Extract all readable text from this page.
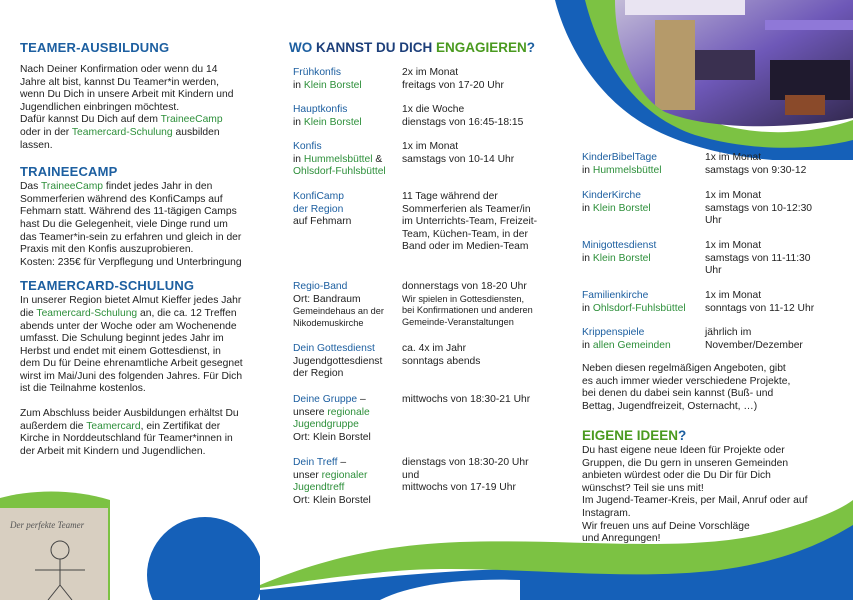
Der perfekte Teamer

TEAMER-AUSBILDUNG

Nach Deiner Konfirmation oder wenn du 14

Jahre alt bist, kannst Du Teamer*in werden,

wenn Du Dich in unsere Arbeit mit Kindern und

Jugendlichen einbringen möchtest.

Dafür kannst Du Dich auf dem TraineeCamp

oder in der Teamercard-Schulung ausbilden

lassen.

TRAINEECAMP

Das TraineeCamp findet jedes Jahr in den

Sommerferien während des KonfiCamps auf

Fehmarn statt. Während des 11-tägigen Camps

hast Du die Gelegenheit, viele Dinge rund um

das Teamer*in-sein zu erfahren und gleich in der

Praxis mit den Konfis auszuprobieren.

Kosten: 235€ für Verpflegung und Unterbringung

TEAMERCARD-SCHULUNG

In unserer Region bietet Almut Kieffer jedes Jahr

die Teamercard-Schulung an, die ca. 12 Treffen

abends unter der Woche oder am Wochenende

umfasst. Die Schulung beginnt jedes Jahr im

Herbst und endet mit einem Gottesdienst, in

dem Du für Deine ehrenamtliche Arbeit gesegnet

wirst im Mai/Juni des folgenden Jahres. Für Dich

ist die Teilnahme kostenlos.

Zum Abschluss beider Ausbildungen erhältst Du

außerdem die Teamercard, ein Zertifikat der

Kirche in Norddeutschland für Teamer*innen in

der Arbeit mit Kindern und Jugendlichen.

WO KANNST DU DICH ENGAGIEREN?
Frühkonfis
in Klein Borstel
2x im Monat
freitags von 17-20 Uhr
Hauptkonfis
in Klein Borstel
1x die Woche
dienstags von 16:45-18:15
Konfis
in Hummelsbüttel &
Ohlsdorf-Fuhlsbüttel
1x im Monat
samstags von 10-14 Uhr
KonfiCamp
der Region
auf Fehmarn
11 Tage während der
Sommerferien als Teamer/in
im Unterrichts-Team, Freizeit-
Team, Küchen-Team, in der
Band oder im Medien-Team
Regio-Band
Ort: Bandraum
Gemeindehaus an der
Nikodemuskirche
donnerstags von 18-20 Uhr
Wir spielen in Gottesdiensten,
bei Konfirmationen und anderen
Gemeinde-Veranstaltungen
Dein Gottesdienst
Jugendgottesdienst
der Region
ca. 4x im Jahr
sonntags abends
Deine Gruppe –
unsere regionale
Jugendgruppe
Ort: Klein Borstel
mittwochs von 18:30-21 Uhr
Dein Treff –
unser regionaler
Jugendtreff
Ort: Klein Borstel
dienstags von 18:30-20 Uhr
und
mittwochs von 17-19 Uhr
KinderBibelTage
in Hummelsbüttel
1x im Monat
samstags von 9:30-12
KinderKirche
in Klein Borstel
1x im Monat
samstags von 10-12:30
Uhr
Minigottesdienst
in Klein Borstel
1x im Monat
samstags von 11-11:30
Uhr
Familienkirche
in Ohlsdorf-Fuhlsbüttel
1x im Monat
sonntags von 11-12 Uhr
Krippenspiele
in allen Gemeinden
jährlich im
November/Dezember

Neben diesen regelmäßigen Angeboten, gibt

es auch immer wieder verschiedene Projekte,

bei denen du dabei sein kannst (Buß- und

Bettag, Jugendfreizeit, Osternacht, …)

EIGENE IDEEN?

Du hast eigene neue Ideen für Projekte oder

Gruppen, die Du gern in unseren Gemeinden

anbieten würdest oder die Du Dir für Dich

wünschst? Teil sie uns mit!

Im Jugend-Teamer-Kreis, per Mail, Anruf oder auf

Instagram.

Wir freuen uns auf Deine Vorschläge

und Anregungen!
